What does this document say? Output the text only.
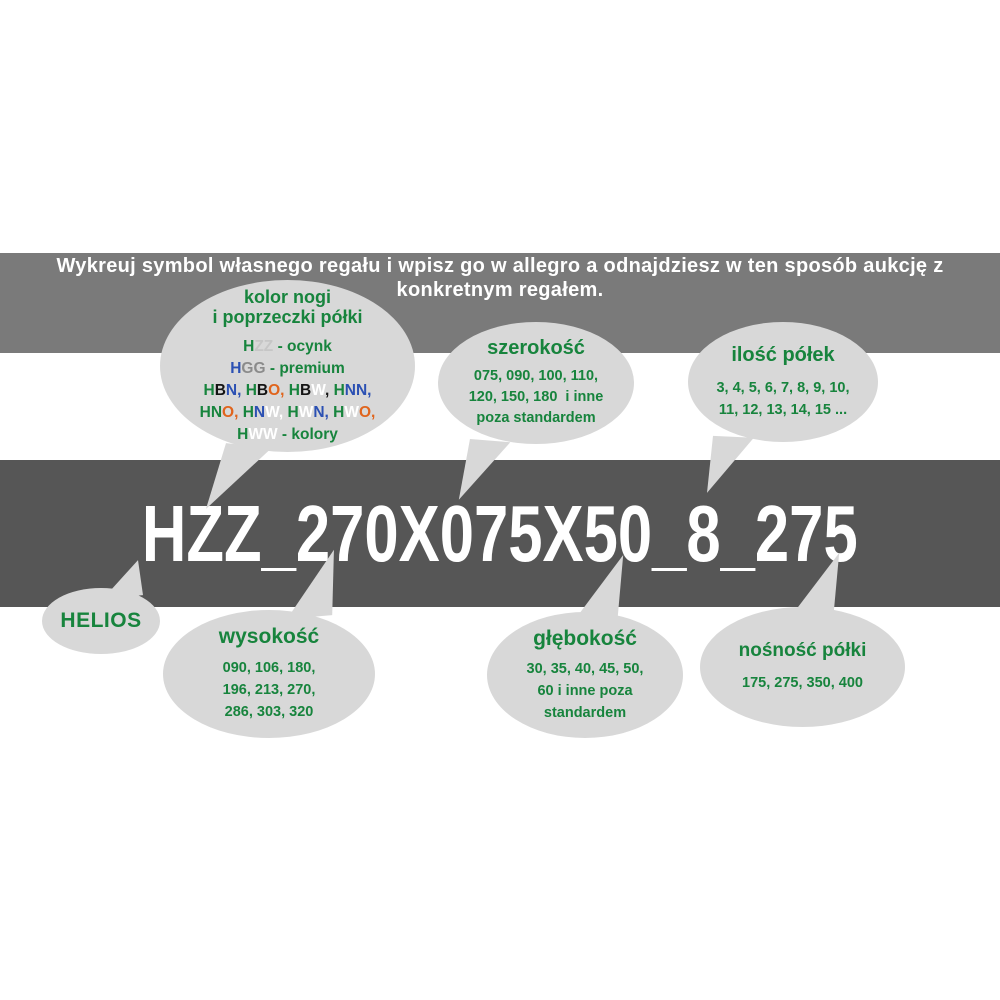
Wykreuj symbol własnego regału i wpisz go w allegro a odnajdziesz w ten sposób aukcję z
konkretnym regałem.
HZZ_270X075X50_8_275
kolor nogi
i poprzeczki półki
HZZ - ocynk
HGG - premium
HBN, HBO, HBW, HNN,
HNO, HNW, HWN, HWO,
HWW - kolory
szerokość
075, 090, 100, 110,
120, 150, 180  i inne
poza standardem
ilość półek
3, 4, 5, 6, 7, 8, 9, 10,
11, 12, 13, 14, 15 ...
HELIOS
wysokość
090, 106, 180,
196, 213, 270,
286, 303, 320
głębokość
30, 35, 40, 45, 50,
60 i inne poza
standardem
nośność półki
175, 275, 350, 400
